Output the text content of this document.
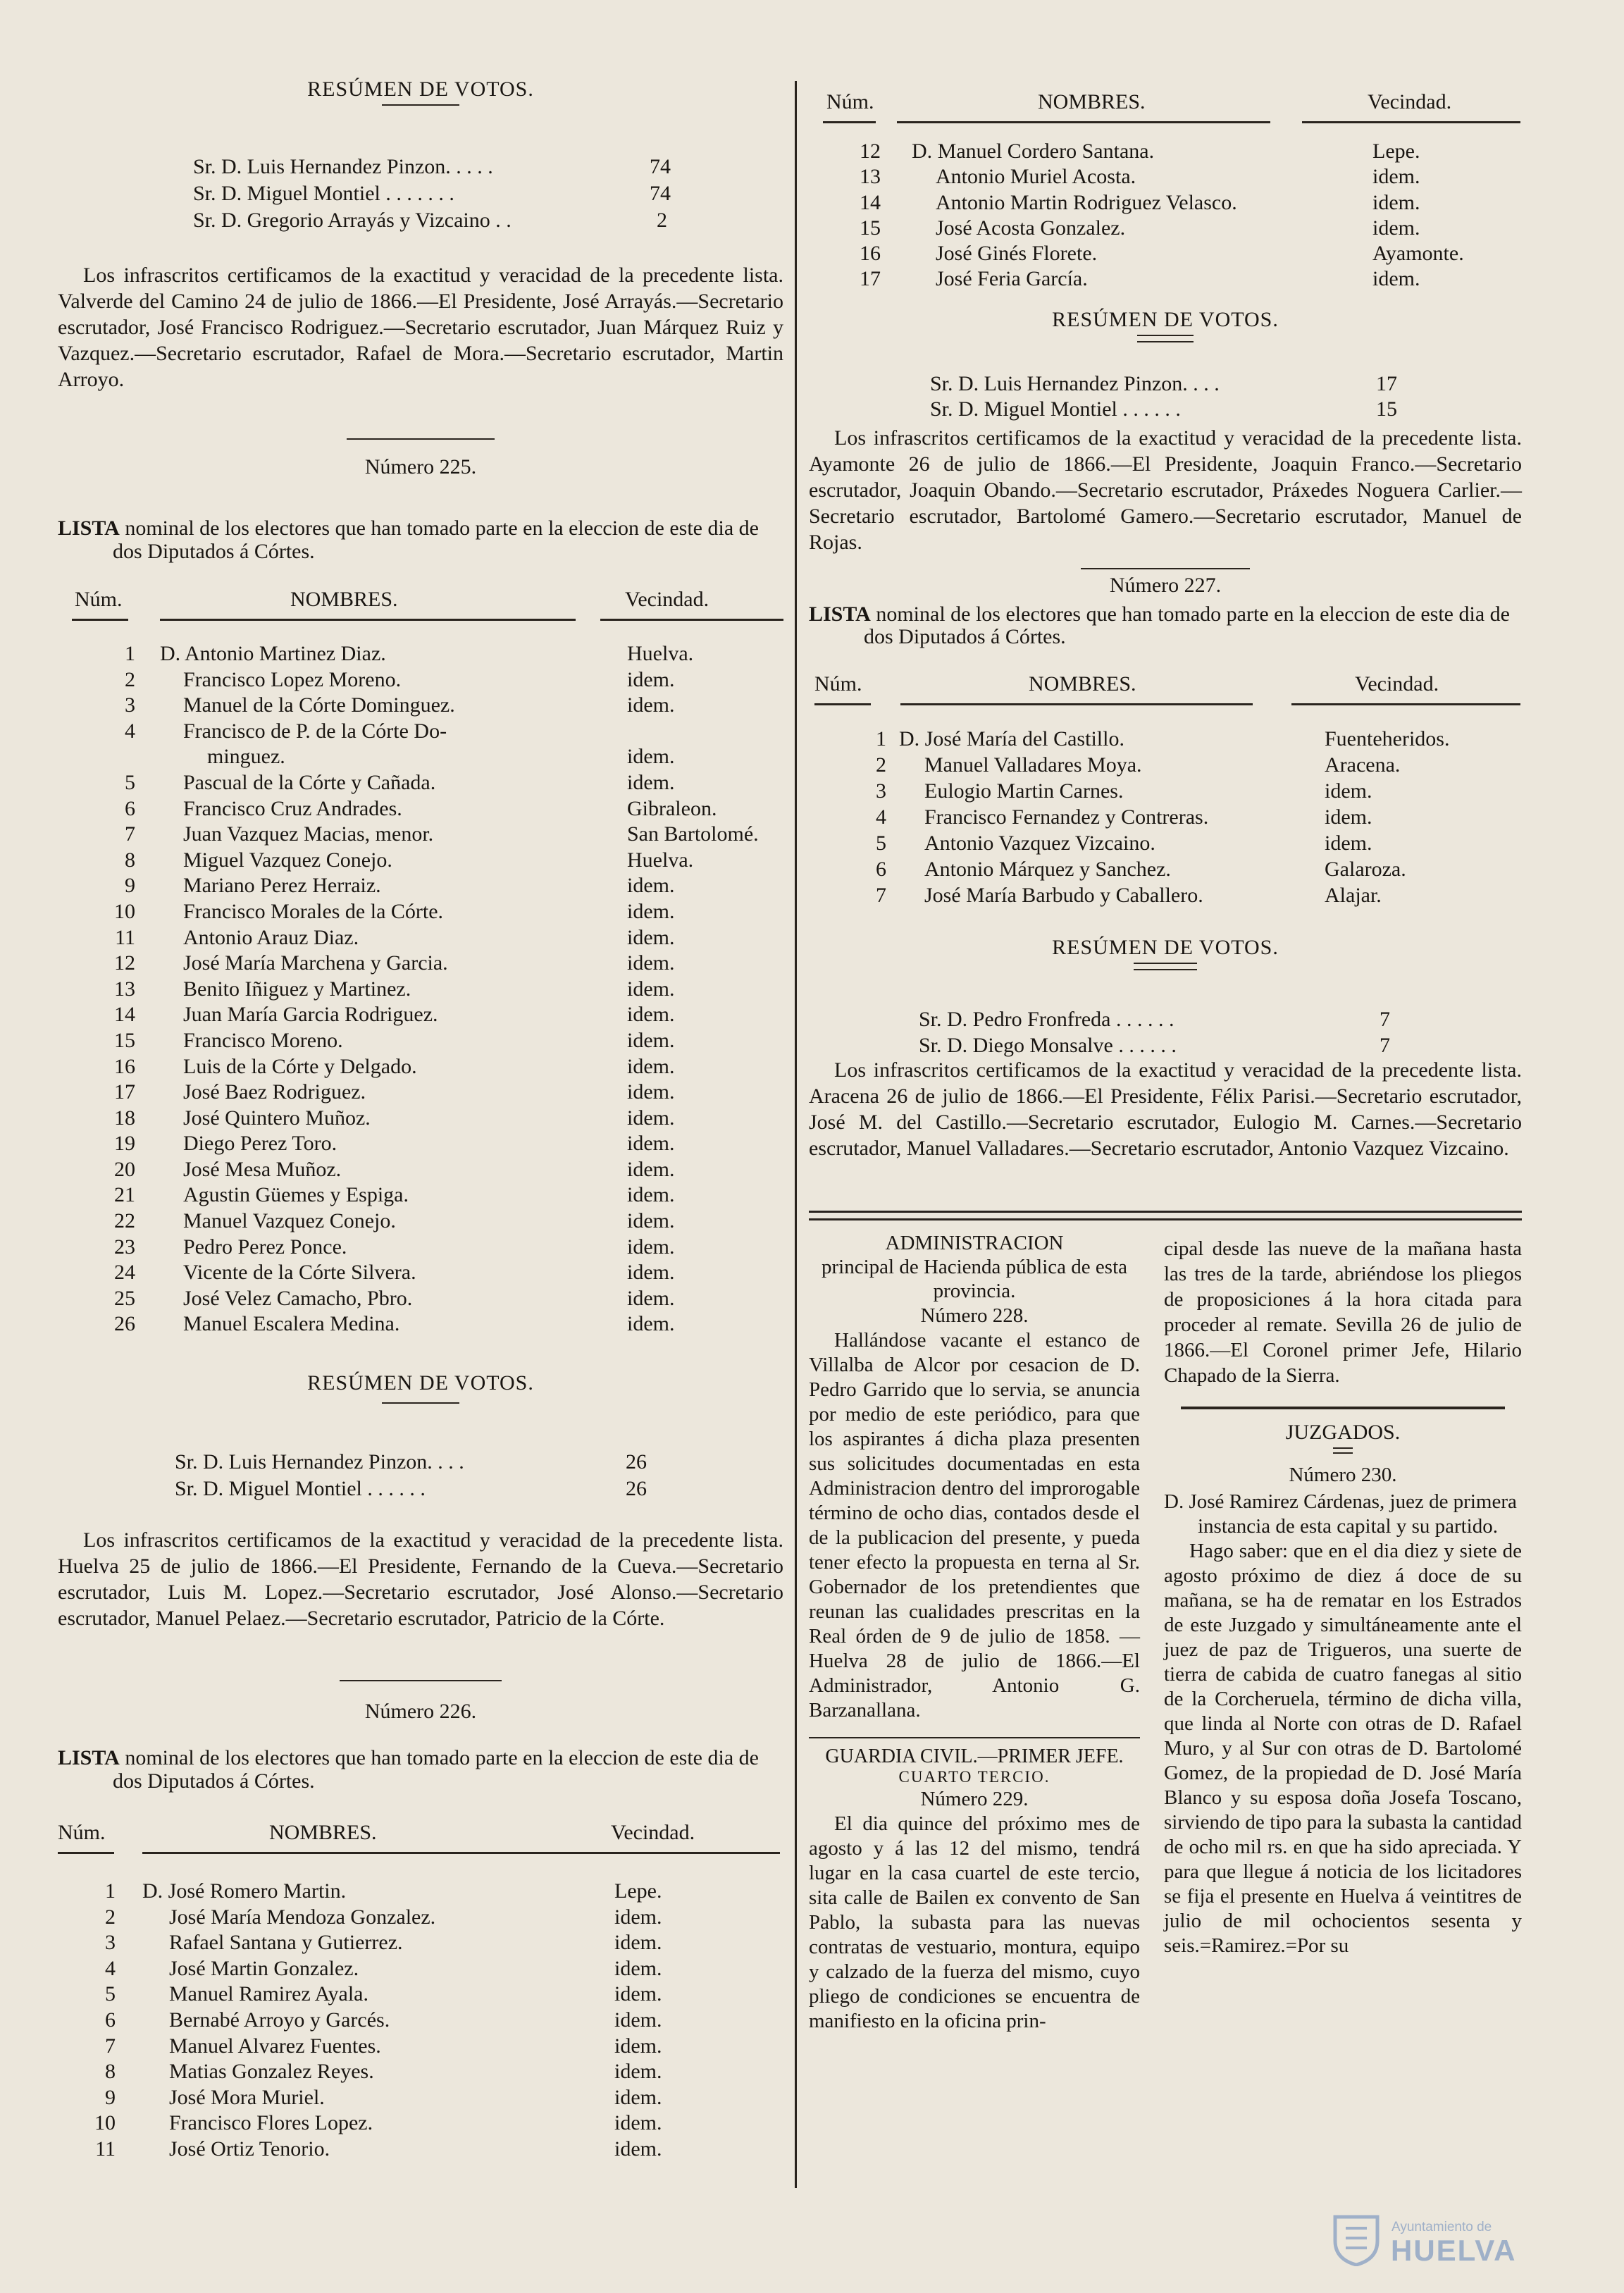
RESÚMEN DE VOTOS.
Sr. D. Luis Hernandez Pinzon. . . . .	74
Sr. D. Miguel Montiel . . . . . . .	74
Sr. D. Gregorio Arrayás y Vizcaino . .	2

Los infrascritos certificamos de la exactitud y veracidad de la precedente lista. Valverde del Camino 24 de julio de 1866.—El Presidente, José Arrayás.—Secretario escrutador, José Francisco Rodriguez.—Secretario escrutador, Juan Márquez Ruiz y Vazquez.—Secretario escrutador, Rafael de Mora.—Secretario escrutador, Martin Arroyo.

Número 225.

LISTA nominal de los electores que han tomado parte en la eleccion de este dia de dos Diputados á Córtes.

Núm.	NOMBRES.	Vecindad.
1 D. Antonio Martinez Diaz.	Huelva.
2 Francisco Lopez Moreno.	idem.
3 Manuel de la Córte Dominguez.	idem.
4 Francisco de P. de la Córte Do-
minguez.	idem.
5 Pascual de la Córte y Cañada.	idem.
6 Francisco Cruz Andrades.	Gibraleon.
7 Juan Vazquez Macias, menor.	San Bartolomé.
8 Miguel Vazquez Conejo.	Huelva.
9 Mariano Perez Herraiz.	idem.
10 Francisco Morales de la Córte.	idem.
11 Antonio Arauz Diaz.	idem.
12 José María Marchena y Garcia.	idem.
13 Benito Iñiguez y Martinez.	idem.
14 Juan María Garcia Rodriguez.	idem.
15 Francisco Moreno.	idem.
16 Luis de la Córte y Delgado.	idem.
17 José Baez Rodriguez.	idem.
18 José Quintero Muñoz.	idem.
19 Diego Perez Toro.	idem.
20 José Mesa Muñoz.	idem.
21 Agustin Güemes y Espiga.	idem.
22 Manuel Vazquez Conejo.	idem.
23 Pedro Perez Ponce.	idem.
24 Vicente de la Córte Silvera.	idem.
25 José Velez Camacho, Pbro.	idem.
26 Manuel Escalera Medina.	idem.
RESÚMEN DE VOTOS.
Sr. D. Luis Hernandez Pinzon. . . .	26
Sr. D. Miguel Montiel . . . . . .	26

Los infrascritos certificamos de la exactitud y veracidad de la precedente lista. Huelva 25 de julio de 1866.—El Presidente, Fernando de la Cueva.—Secretario escrutador, Luis M. Lopez.—Secretario escrutador, José Alonso.—Secretario escrutador, Manuel Pelaez.—Secretario escrutador, Patricio de la Córte.

Número 226.

LISTA nominal de los electores que han tomado parte en la eleccion de este dia de dos Diputados á Córtes.

Núm.	NOMBRES.	Vecindad.
1 D. José Romero Martin.	Lepe.
2	José María Mendoza Gonzalez.	idem.
3	Rafael Santana y Gutierrez.	idem.
4	José Martin Gonzalez.	idem.
5	Manuel Ramirez Ayala.	idem.
6	Bernabé Arroyo y Garcés.	idem.
7	Manuel Alvarez Fuentes.	idem.
8	Matias Gonzalez Reyes.	idem.
9	José Mora Muriel.	idem.
10	Francisco Flores Lopez.	idem.
11	José Ortiz Tenorio.	idem.
Núm.	NOMBRES.	Vecindad.
12 D. Manuel Cordero Santana.	Lepe.
13	Antonio Muriel Acosta.	idem.
14	Antonio Martin Rodriguez Velasco.	idem.
15	José Acosta Gonzalez.	idem.
16	José Ginés Florete.	Ayamonte.
17	José Feria García.	idem.
RESÚMEN DE VOTOS.
Sr. D. Luis Hernandez Pinzon. . . .	17
Sr. D. Miguel Montiel . . . . . .	15

Los infrascritos certificamos de la exactitud y veracidad de la precedente lista. Ayamonte 26 de julio de 1866.—El Presidente, Joaquin Franco.—Secretario escrutador, Joaquin Obando.—Secretario escrutador, Práxedes Noguera Carlier.—Secretario escrutador, Bartolomé Gamero.—Secretario escrutador, Manuel de Rojas.

Número 227.

LISTA nominal de los electores que han tomado parte en la eleccion de este dia de dos Diputados á Córtes.

Núm.	NOMBRES.	Vecindad.
1 D. José María del Castillo.	Fuenteheridos.
2 Manuel Valladares Moya.	Aracena.
3 Eulogio Martin Carnes.	idem.
4 Francisco Fernandez y Contreras.	idem.
5 Antonio Vazquez Vizcaino.	idem.
6 Antonio Márquez y Sanchez.	Galaroza.
7 José María Barbudo y Caballero.	Alajar.
RESÚMEN DE VOTOS.
Sr. D. Pedro Fronfreda . . . . . .	7
Sr. D. Diego Monsalve . . . . . .	7

Los infrascritos certificamos de la exactitud y veracidad de la precedente lista. Aracena 26 de julio de 1866.—El Presidente, Félix Parisi.—Secretario escrutador, José M. del Castillo.—Secretario escrutador, Eulogio M. Carnes.—Secretario escrutador, Manuel Valladares.—Secretario escrutador, Antonio Vazquez Vizcaino.

ADMINISTRACION
principal de Hacienda pública de esta provincia.
Número 228.

Hallándose vacante el estanco de Villalba de Alcor por cesacion de D. Pedro Garrido que lo servia, se anuncia por medio de este periódico, para que los aspirantes á dicha plaza presenten sus solicitudes documentadas en esta Administracion dentro del improrogable término de ocho dias, contados desde el de la publicacion del presente, y pueda tener efecto la propuesta en terna al Sr. Gobernador de los pretendientes que reunan las cualidades prescritas en la Real órden de 9 de julio de 1858. —Huelva 28 de julio de 1866.—El Administrador, Antonio G. Barzanallana.

GUARDIA CIVIL.—PRIMER JEFE.
CUARTO TERCIO.
Número 229.

El dia quince del próximo mes de agosto y á las 12 del mismo, tendrá lugar en la casa cuartel de este tercio, sita calle de Bailen ex convento de San Pablo, la subasta para las nuevas contratas de vestuario, montura, equipo y calzado de la fuerza del mismo, cuyo pliego de condiciones se encuentra de manifiesto en la oficina prin-

cipal desde las nueve de la mañana hasta las tres de la tarde, abriéndose los pliegos de proposiciones á la hora citada para proceder al remate. Sevilla 26 de julio de 1866.—El Coronel primer Jefe, Hilario Chapado de la Sierra.

JUZGADOS.
Número 230.

D. José Ramirez Cárdenas, juez de primera instancia de esta capital y su partido.

Hago saber: que en el dia diez y siete de agosto próximo de diez á doce de su mañana, se ha de rematar en los Estrados de este Juzgado y simultáneamente ante el juez de paz de Trigueros, una suerte de tierra de cabida de cuatro fanegas al sitio de la Corcheruela, término de dicha villa, que linda al Norte con otras de D. Rafael Muro, y al Sur con otras de D. Bartolomé Gomez, de la propiedad de D. José María Blanco y su esposa doña Josefa Toscano, sirviendo de tipo para la subasta la cantidad de ocho mil rs. en que ha sido apreciada. Y para que llegue á noticia de los licitadores se fija el presente en Huelva á veintitres de julio de mil ochocientos sesenta y seis.=Ramirez.=Por su

Ayuntamiento de
HUELVA
